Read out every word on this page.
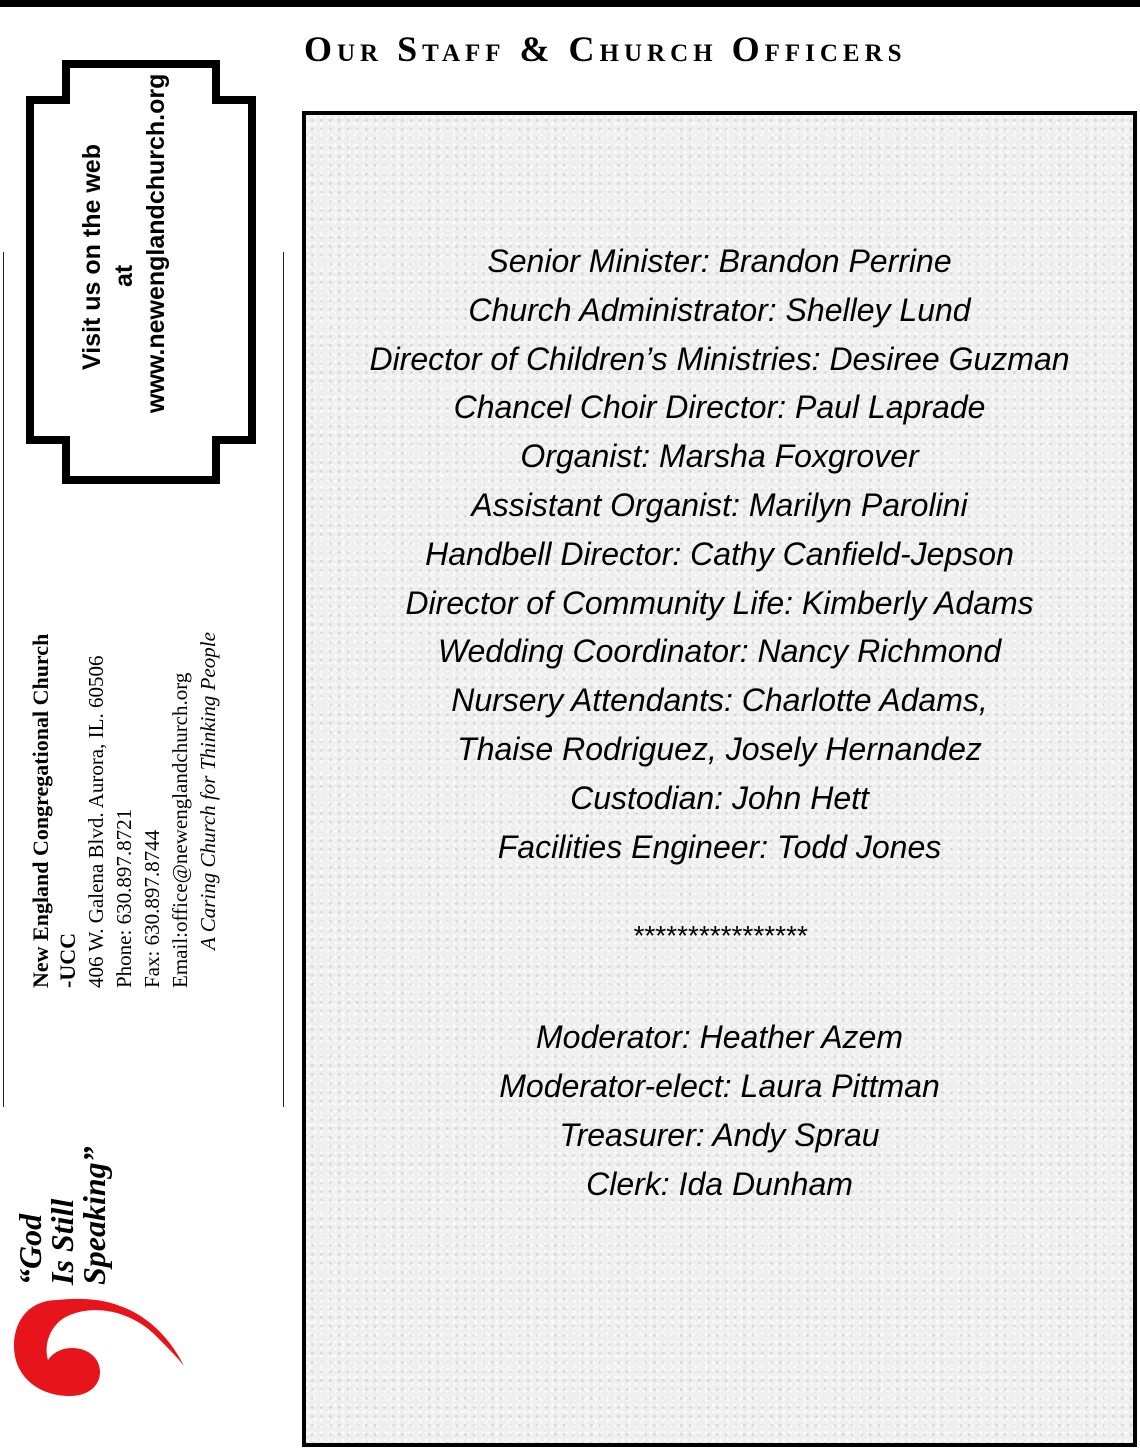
Our Staff & Church Officers
Senior Minister: Brandon Perrine
Church Administrator: Shelley Lund
Director of Children’s Ministries: Desiree Guzman
Chancel Choir Director: Paul Laprade
Organist: Marsha Foxgrover
Assistant Organist: Marilyn Parolini
Handbell Director: Cathy Canfield-Jepson
Director of Community Life: Kimberly Adams
Wedding Coordinator: Nancy Richmond
Nursery Attendants: Charlotte Adams,
Thaise Rodriguez, Josely Hernandez
Custodian: John Hett
Facilities Engineer: Todd Jones
****************
Moderator: Heather Azem
Moderator-elect: Laura Pittman
Treasurer: Andy Sprau
Clerk: Ida Dunham
Visit us on the web at www.newenglandchurch.org
New England Congregational Church -UCC 406 W. Galena Blvd. Aurora, IL. 60506 Phone: 630.897.8721 Fax: 630.897.8744 Email:office@newenglandchurch.org A Caring Church for Thinking People
“God
Is Still
Speaking”
